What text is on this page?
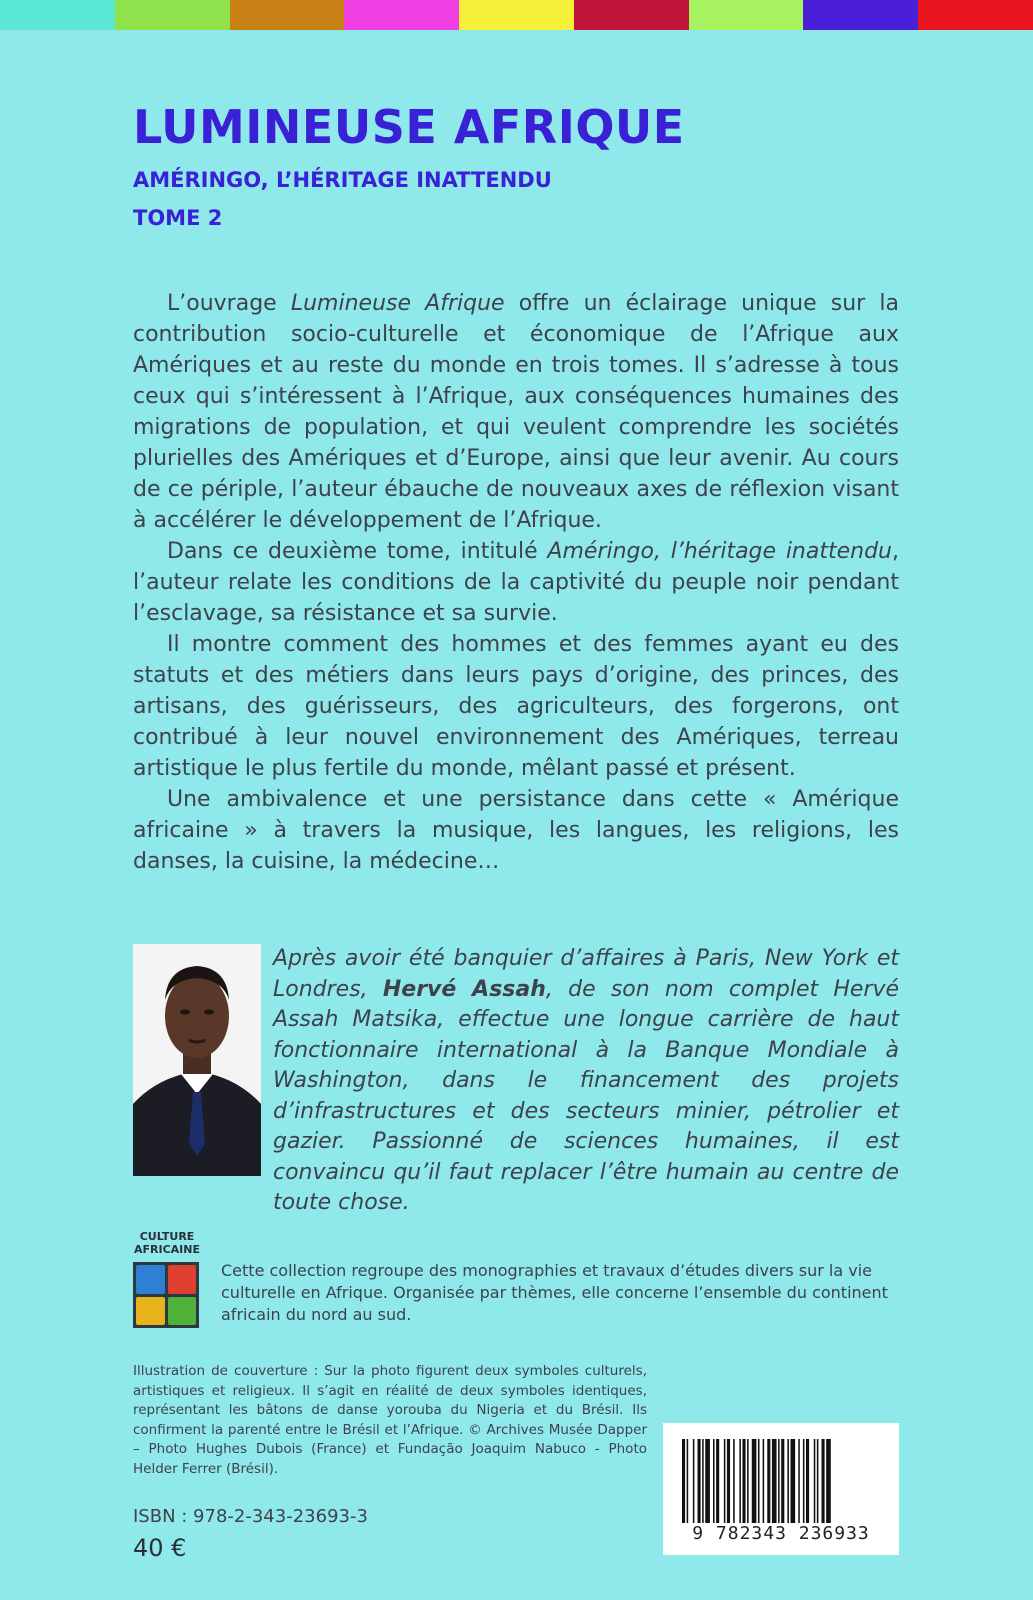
LUMINEUSE AFRIQUE
AMÉRINGO, L’HÉRITAGE INATTENDU
TOME 2

L’ouvrage Lumineuse Afrique offre un éclairage unique sur la contribution socio-culturelle et économique de l’Afrique aux Amériques et au reste du monde en trois tomes. Il s’adresse à tous ceux qui s’intéressent à l’Afrique, aux conséquences humaines des migrations de population, et qui veulent comprendre les sociétés plurielles des Amériques et d’Europe, ainsi que leur avenir. Au cours de ce périple, l’auteur ébauche de nouveaux axes de réflexion visant à accélérer le développement de l’Afrique.

Dans ce deuxième tome, intitulé Améringo, l’héritage inattendu, l’auteur relate les conditions de la captivité du peuple noir pendant l’esclavage, sa résistance et sa survie.

Il montre comment des hommes et des femmes ayant eu des statuts et des métiers dans leurs pays d’origine, des princes, des artisans, des guérisseurs, des agriculteurs, des forgerons, ont contribué à leur nouvel environnement des Amériques, terreau artistique le plus fertile du monde, mêlant passé et présent.

Une ambivalence et une persistance dans cette « Amérique africaine » à travers la musique, les langues, les religions, les danses, la cuisine, la médecine…

Après avoir été banquier d’affaires à Paris, New York et Londres, Hervé Assah, de son nom complet Hervé Assah Matsika, effectue une longue carrière de haut fonctionnaire international à la Banque Mondiale à Washington, dans le financement des projets d’infrastructures et des secteurs minier, pétrolier et gazier. Passionné de sciences humaines, il est convaincu qu’il faut replacer l’être humain au centre de toute chose.
CULTURE
AFRICAINE
Cette collection regroupe des monographies et travaux d’études divers sur la vie culturelle en Afrique. Organisée par thèmes, elle concerne l’ensemble du continent africain du nord au sud.
Illustration de couverture : Sur la photo figurent deux symboles culturels, artistiques et religieux. Il s’agit en réalité de deux symboles identiques, représentant les bâtons de danse yorouba du Nigeria et du Brésil. Ils confirment la parenté entre le Brésil et l’Afrique. © Archives Musée Dapper – Photo Hughes Dubois (France) et Fundação Joaquim Nabuco - Photo Helder Ferrer (Brésil).
ISBN : 978-2-343-23693-3
40 €
9 782343 236933
